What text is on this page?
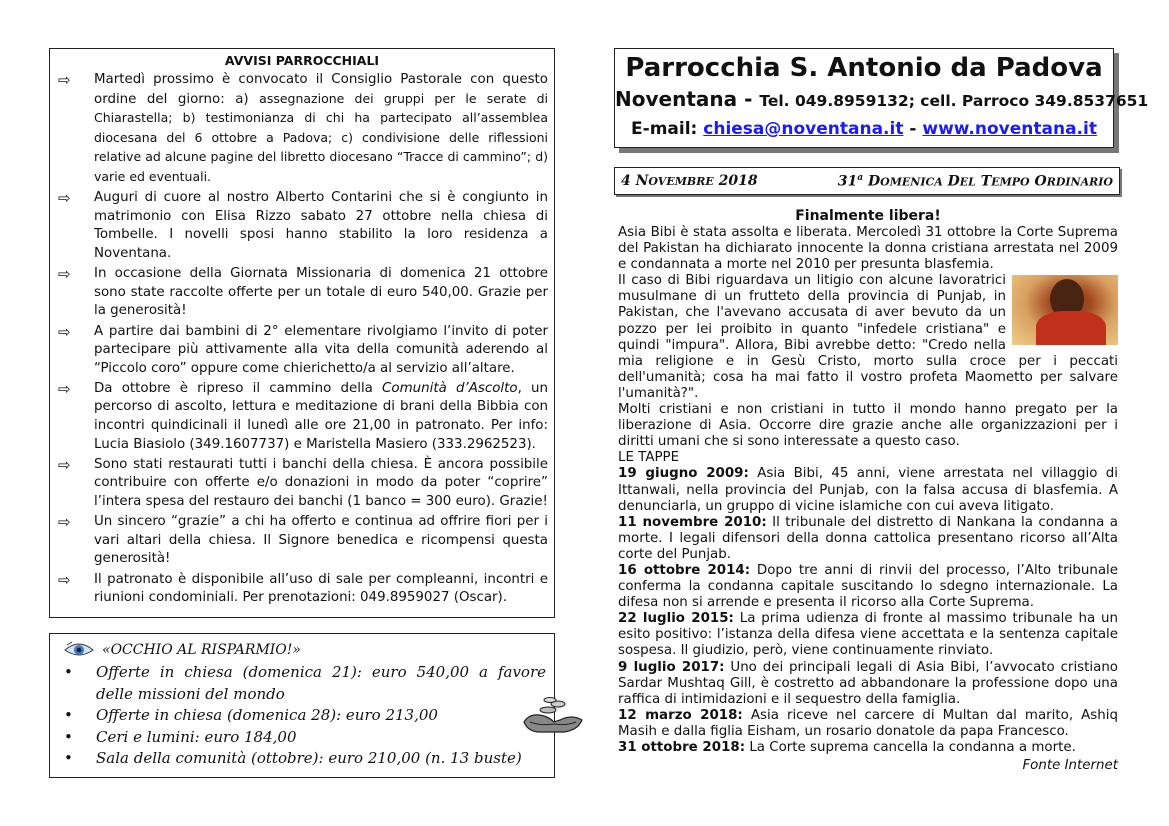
AVVISI PARROCCHIALI
⇨ Martedì prossimo è convocato il Consiglio Pastorale con questo ordine del giorno: a) assegnazione dei gruppi per le serate di Chiarastella; b) testimonianza di chi ha partecipato all’assemblea diocesana del 6 ottobre a Padova; c) condivisione delle riflessioni relative ad alcune pagine del libretto diocesano “Tracce di cammino”; d) varie ed eventuali.
⇨ Auguri di cuore al nostro Alberto Contarini che si è congiunto in matrimonio con Elisa Rizzo sabato 27 ottobre nella chiesa di Tombelle. I novelli sposi hanno stabilito la loro residenza a Noventana.
⇨ In occasione della Giornata Missionaria di domenica 21 ottobre sono state raccolte offerte per un totale di euro 540,00. Grazie per la generosità!
⇨ A partire dai bambini di 2° elementare rivolgiamo l’invito di poter partecipare più attivamente alla vita della comunità aderendo al “Piccolo coro” oppure come chierichetto/a al servizio all’altare.
⇨ Da ottobre è ripreso il cammino della Comunità d’Ascolto, un percorso di ascolto, lettura e meditazione di brani della Bibbia con incontri quindicinali il lunedì alle ore 21,00 in patronato. Per info: Lucia Biasiolo (349.1607737) e Maristella Masiero (333.2962523).
⇨ Sono stati restaurati tutti i banchi della chiesa. È ancora possibile contribuire con offerte e/o donazioni in modo da poter “coprire” l’intera spesa del restauro dei banchi (1 banco = 300 euro). Grazie!
⇨ Un sincero “grazie” a chi ha offerto e continua ad offrire fiori per i vari altari della chiesa. Il Signore benedica e ricompensi questa generosità!
⇨ Il patronato è disponibile all’uso di sale per compleanni, incontri e riunioni condominiali. Per prenotazioni: 049.8959027 (Oscar).
«OCCHIO AL RISPARMIO!»
• Offerte in chiesa (domenica 21): euro 540,00 a favore delle missioni del mondo
• Offerte in chiesa (domenica 28): euro 213,00
• Ceri e lumini: euro 184,00
• Sala della comunità (ottobre): euro 210,00 (n. 13 buste)
Parrocchia S. Antonio da Padova
Noventana - Tel. 049.8959132; cell. Parroco 349.8537651
E-mail: chiesa@noventana.it - www.noventana.it
4 NOVEMBRE 2018	31$^a$ DOMENICA DEL TEMPO ORDINARIO
Finalmente libera!

Asia Bibi è stata assolta e liberata. Mercoledì 31 ottobre la Corte Suprema del Pakistan ha dichiarato innocente la donna cristiana arrestata nel 2009 e condannata a morte nel 2010 per presunta blasfemia.

Il caso di Bibi riguardava un litigio con alcune lavoratrici musulmane di un frutteto della provincia di Punjab, in Pakistan, che l'avevano accusata di aver bevuto da un pozzo per lei proibito in quanto "infedele cristiana" e quindi "impura". Allora, Bibi avrebbe detto: "Credo nella mia religione e in Gesù Cristo, morto sulla croce per i peccati dell'umanità; cosa ha mai fatto il vostro profeta Maometto per salvare l'umanità?".

Molti cristiani e non cristiani in tutto il mondo hanno pregato per la liberazione di Asia. Occorre dire grazie anche alle organizzazioni per i diritti umani che si sono interessate a questo caso.

LE TAPPE

19 giugno 2009: Asia Bibi, 45 anni, viene arrestata nel villaggio di Ittanwali, nella provincia del Punjab, con la falsa accusa di blasfemia. A denunciarla, un gruppo di vicine islamiche con cui aveva litigato.

11 novembre 2010: Il tribunale del distretto di Nankana la condanna a morte. I legali difensori della donna cattolica presentano ricorso all’Alta corte del Punjab.

16 ottobre 2014: Dopo tre anni di rinvii del processo, l’Alto tribunale conferma la condanna capitale suscitando lo sdegno internazionale. La difesa non si arrende e presenta il ricorso alla Corte Suprema.

22 luglio 2015: La prima udienza di fronte al massimo tribunale ha un esito positivo: l’istanza della difesa viene accettata e la sentenza capitale sospesa. Il giudizio, però, viene continuamente rinviato.

9 luglio 2017: Uno dei principali legali di Asia Bibi, l’avvocato cristiano Sardar Mushtaq Gill, è costretto ad abbandonare la professione dopo una raffica di intimidazioni e il sequestro della famiglia.

12 marzo 2018: Asia riceve nel carcere di Multan dal marito, Ashiq Masih e dalla figlia Eisham, un rosario donatole da papa Francesco.

31 ottobre 2018: La Corte suprema cancella la condanna a morte.

Fonte Internet
